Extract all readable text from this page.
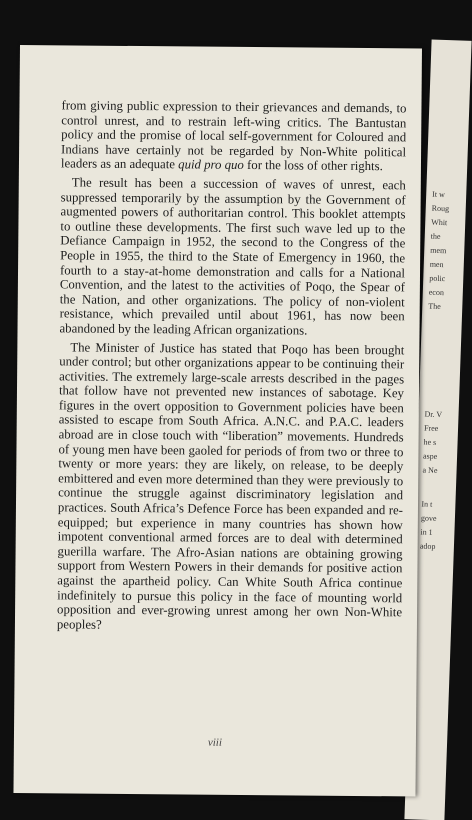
It w
Roug
Whit
the
mem
men
polic
econ
The
Dr. V
Free
he s
aspe
a Ne
In t
gove
in 1
adop

from giving public expression to their grievances and demands, to control unrest, and to restrain left-wing critics. The Bantustan policy and the promise of local self-government for Coloured and Indians have certainly not be regarded by Non-White political leaders as an adequate quid pro quo for the loss of other rights.

The result has been a succession of waves of unrest, each suppressed temporarily by the assumption by the Government of augmented powers of authoritarian control. This booklet attempts to outline these developments. The first such wave led up to the Defiance Campaign in 1952, the second to the Congress of the People in 1955, the third to the State of Emergency in 1960, the fourth to a stay-at-home demonstration and calls for a National Convention, and the latest to the activities of Poqo, the Spear of the Nation, and other organizations. The policy of non-violent resistance, which prevailed until about 1961, has now been abandoned by the leading African organizations.

The Minister of Justice has stated that Poqo has been brought under control; but other organizations appear to be continuing their activities. The extremely large-scale arrests described in the pages that follow have not prevented new instances of sabotage. Key figures in the overt opposition to Government policies have been assisted to escape from South Africa. A.N.C. and P.A.C. leaders abroad are in close touch with “liberation” movements. Hundreds of young men have been gaoled for periods of from two or three to twenty or more years: they are likely, on release, to be deeply embittered and even more determined than they were previously to continue the struggle against discriminatory legislation and practices. South Africa’s Defence Force has been expanded and re-equipped; but experience in many countries has shown how impotent conventional armed forces are to deal with determined guerilla warfare. The Afro-Asian nations are obtaining growing support from Western Powers in their demands for positive action against the apartheid policy. Can White South Africa continue indefinitely to pursue this policy in the face of mounting world opposition and ever-growing unrest among her own Non-White peoples?

viii
